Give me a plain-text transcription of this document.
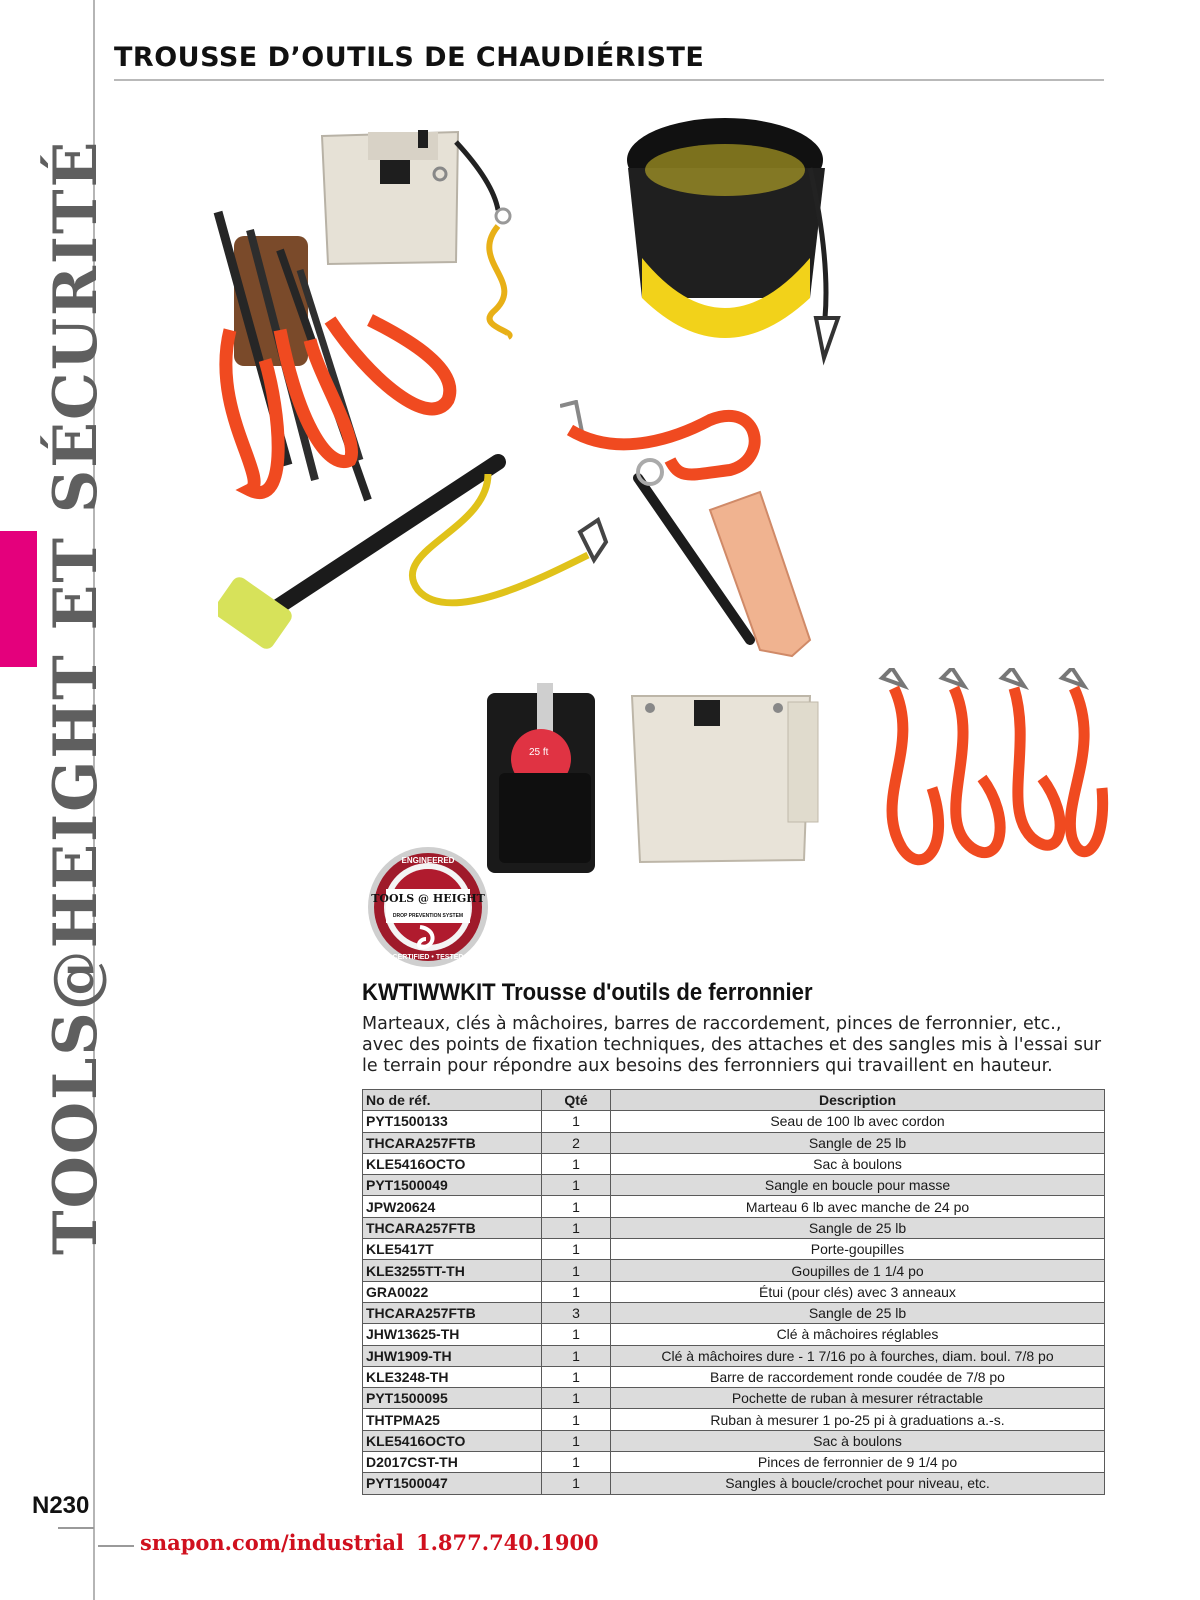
TOOLS@HEIGHT ET SÉCURITÉ
TROUSSE D’OUTILS DE CHAUDIÉRISTE
25 ft
ENGINEERED
TOOLS @ HEIGHT
DROP PREVENTION SYSTEM
CERTIFIED • TESTED
KWTIWWKIT Trousse d'outils de ferronnier

Marteaux, clés à mâchoires, barres de raccordement, pinces de ferronnier, etc., avec des points de fixation techniques, des attaches et des sangles mis à l'essai sur le terrain pour répondre aux besoins des ferronniers qui travaillent en hauteur.

No de réf.	Qté	Description
PYT1500133	1	Seau de 100 lb avec cordon
THCARA257FTB	2	Sangle de 25 lb
KLE5416OCTO	1	Sac à boulons
PYT1500049	1	Sangle en boucle pour masse
JPW20624	1	Marteau 6 lb avec manche de 24 po
THCARA257FTB	1	Sangle de 25 lb
KLE5417T	1	Porte-goupilles
KLE3255TT-TH	1	Goupilles de 1 1/4 po
GRA0022	1	Étui (pour clés) avec 3 anneaux
THCARA257FTB	3	Sangle de 25 lb
JHW13625-TH	1	Clé à mâchoires réglables
JHW1909-TH	1	Clé à mâchoires dure - 1 7/16 po à fourches, diam. boul. 7/8 po
KLE3248-TH	1	Barre de raccordement ronde coudée de 7/8 po
PYT1500095	1	Pochette de ruban à mesurer rétractable
THTPMA25	1	Ruban à mesurer 1 po-25 pi à graduations a.-s.
KLE5416OCTO	1	Sac à boulons
D2017CST-TH	1	Pinces de ferronnier de 9 1/4 po
PYT1500047	1	Sangles à boucle/crochet pour niveau, etc.
N230
snapon.com/industrial 1.877.740.1900
